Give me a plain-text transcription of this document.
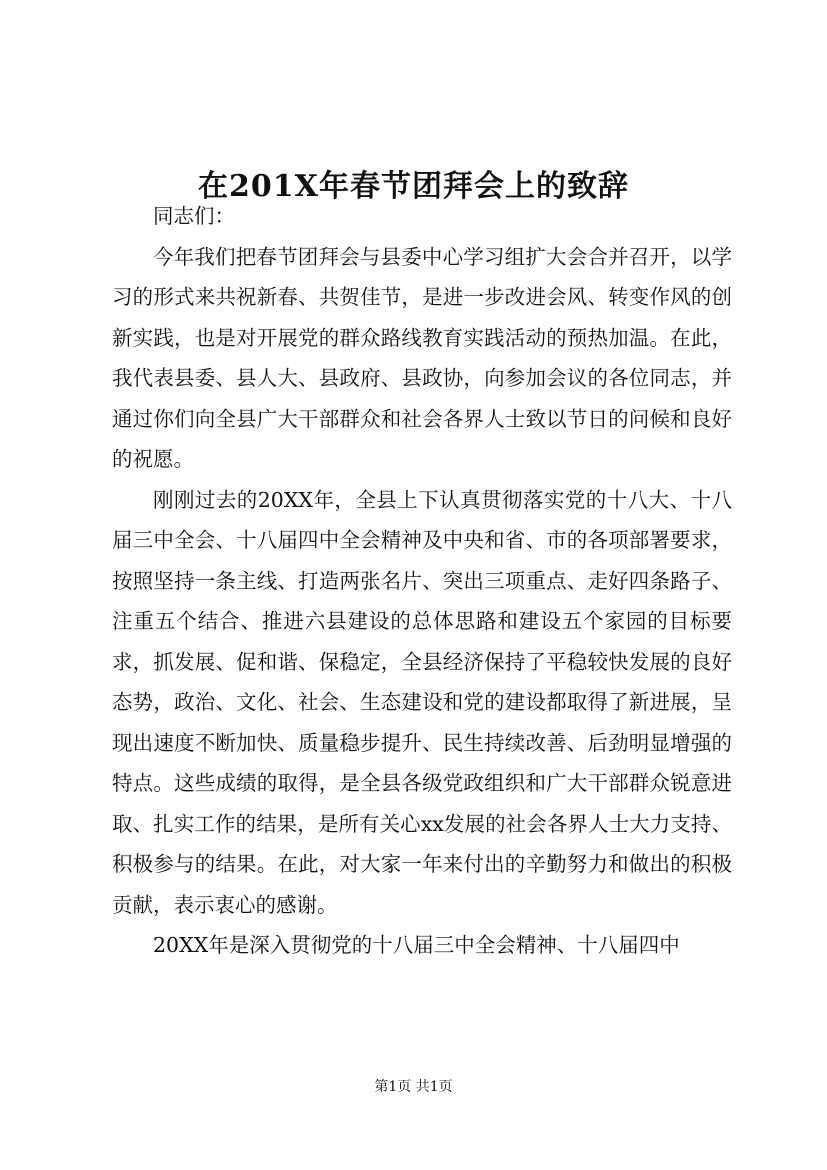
在201X年春节团拜会上的致辞

同志们：

今年我们把春节团拜会与县委中心学习组扩大会合并召开，以学习的形式来共祝新春、共贺佳节，是进一步改进会风、转变作风的创新实践，也是对开展党的群众路线教育实践活动的预热加温。在此，我代表县委、县人大、县政府、县政协，向参加会议的各位同志，并通过你们向全县广大干部群众和社会各界人士致以节日的问候和良好的祝愿。

刚刚过去的20XX年，全县上下认真贯彻落实党的十八大、十八届三中全会、十八届四中全会精神及中央和省、市的各项部署要求，按照坚持一条主线、打造两张名片、突出三项重点、走好四条路子、注重五个结合、推进六县建设的总体思路和建设五个家园的目标要求，抓发展、促和谐、保稳定，全县经济保持了平稳较快发展的良好态势，政治、文化、社会、生态建设和党的建设都取得了新进展，呈现出速度不断加快、质量稳步提升、民生持续改善、后劲明显增强的特点。这些成绩的取得，是全县各级党政组织和广大干部群众锐意进取、扎实工作的结果，是所有关心xx发展的社会各界人士大力支持、积极参与的结果。在此，对大家一年来付出的辛勤努力和做出的积极贡献，表示衷心的感谢。

20XX年是深入贯彻党的十八届三中全会精神、十八届四中

第1页 共1页
